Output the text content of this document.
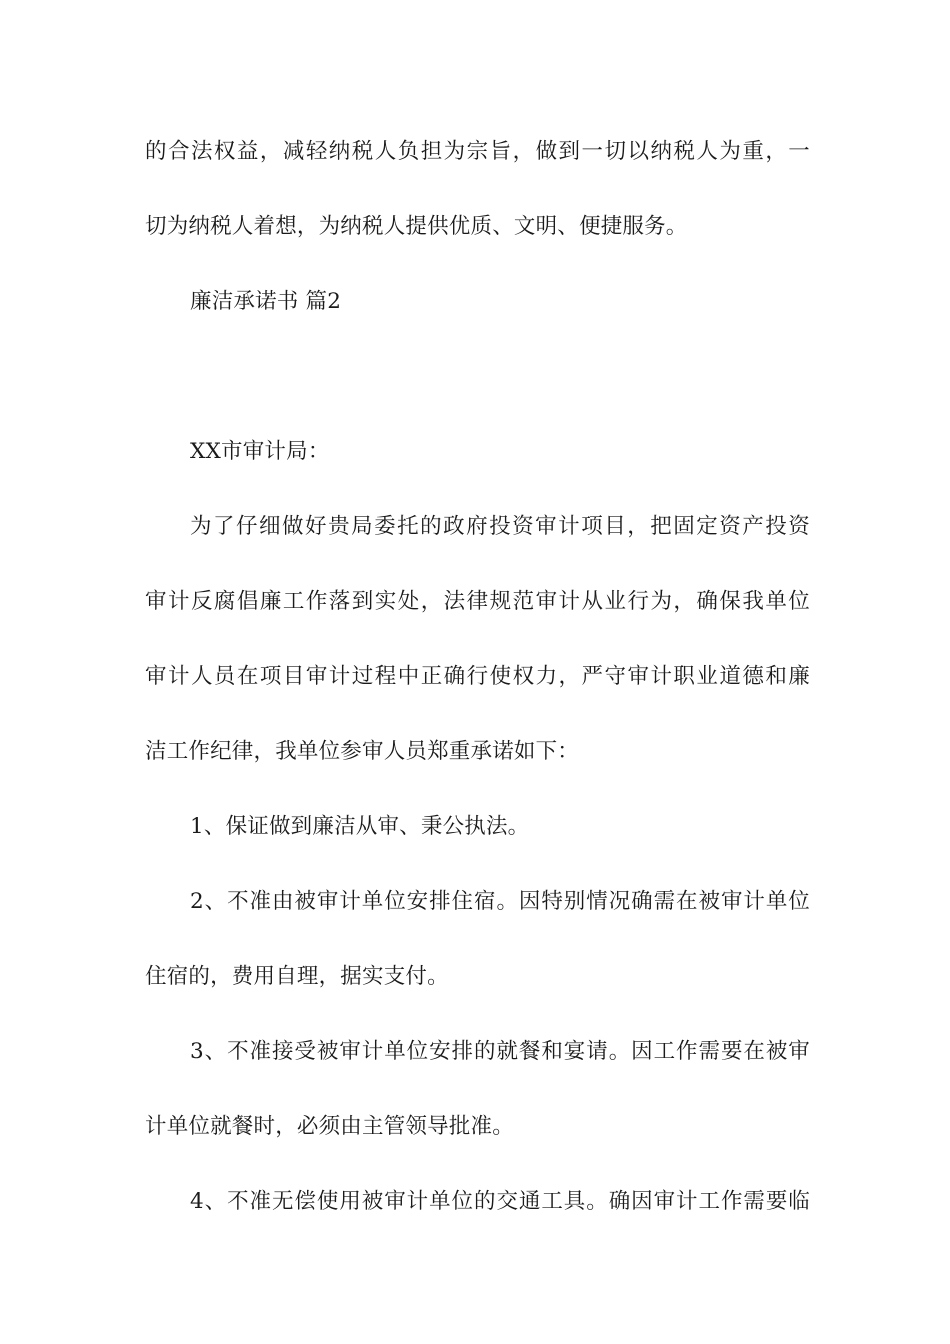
的合法权益，减轻纳税人负担为宗旨，做到一切以纳税人为重，一
切为纳税人着想，为纳税人提供优质、文明、便捷服务。
廉洁承诺书 篇2
XX市审计局：
为了仔细做好贵局委托的政府投资审计项目，把固定资产投资
审计反腐倡廉工作落到实处，法律规范审计从业行为，确保我单位
审计人员在项目审计过程中正确行使权力，严守审计职业道德和廉
洁工作纪律，我单位参审人员郑重承诺如下：
1、保证做到廉洁从审、秉公执法。
2、不准由被审计单位安排住宿。因特别情况确需在被审计单位
住宿的，费用自理，据实支付。
3、不准接受被审计单位安排的就餐和宴请。因工作需要在被审
计单位就餐时，必须由主管领导批准。
4、不准无偿使用被审计单位的交通工具。确因审计工作需要临
